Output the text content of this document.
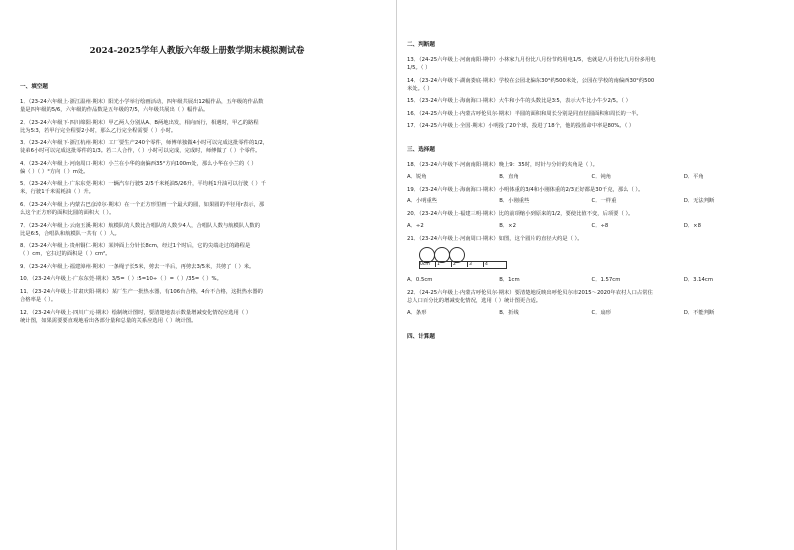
2024-2025学年人教版六年级上册数学期末模拟测试卷
一、填空题
1．（23-24六年级上·浙江温州·期末）阳光小学举行绘画活动，四年级共展出12幅作品，五年级的作品数
量是四年级的5/6，六年级的作品数是五年级的7/5，六年级共展出（ ）幅作品。
2．（23-24六年级下·四川绵阳·期末）甲乙两人分别从A、B两地出发，相向而行，相遇时，甲乙的路程
比为5∶3，若甲行完全程要2小时，那么乙行完全程需要（ ）小时。
3．（23-24六年级下·浙江杭州·期末）工厂要生产240个零件，师傅单独做4小时可以完成这批零件的1/2，
徒弟6小时可以完成这批零件的1/3。若二人合作，（ ）小时可以完成，完成时，师傅做了（ ）个零件。
4．（23-24六年级上·河南周口·期末）小兰在小华的南偏西35°方向100m处，那么小华在小兰的（ ）
偏（ ）（ ）°方向（ ）m处。
5．（23-24六年级上·广东东莞·期末）一辆汽车行驶5 2/5千米耗油5/26升，平均耗1升油可以行驶（ ）千
米，行驶1千米需耗油（ ）升。
6．（23-24六年级上·内蒙古巴彦淖尔·期末）在一个正方形里画一个最大的圆，如果圆的半径用r表示，那
么这个正方形的面积比圆的面积大（ ）。
7．（23-24六年级上·云南玉溪·期末）航模队的人数比合唱队的人数少4人，合唱队人数与航模队人数的
比是6∶5，合唱队和航模队一共有（ ）人。
8．（23-24六年级上·贵州铜仁·期末）某钟面上分针长8cm，经过1个时后，它的尖端走过的路程是
（ ）cm，它扫过的面积是（ ）cm²。
9．（23-24六年级上·福建漳州·期末）一条绳子长5米，剪去一半后，再剪去3/5米，共剪了（ ）米。
10．（23-24六年级上·广东东莞·期末）3/5=（ ）∶5=10÷（ ）=（ ）/35=（ ）%。
11．（23-24六年级上·甘肃庆阳·期末）某厂生产一批热水器，有106台合格，4台不合格，这批热水器的
合格率是（ ）。
12．（23-24六年级上·四川广元·期末）绘制统计图时，要清楚地表示数量增减变化情况应选用（ ）
统计图，如果需要要直观地看出各部分量和总量的关系应选用（ ）统计图。
二、判断题
13．（24-25六年级上·河南南阳·期中）小林家九月份比八月份节约用电1/5，也就是八月份比九月份多用电
1/5。（ ）
14．（23-24六年级下·湖南娄底·期末）学校在公园北偏东30°约500米处，公园在学校的南偏西30°约500
米处。（ ）
15．（23-24六年级上·海南海口·期末）大牛和小牛的头数比是3∶5，表示大牛比小牛少2/5。（ ）
16．（24-25六年级上·内蒙古呼伦贝尔·期末）半圆的面积和周长分别是同直径圆面积和周长的一半。
17．（24-25六年级上·全国·期末）小明投了20个球，投进了18个，他的投篮命中率是80%。（ ）
三、选择题
18．（23-24六年级下·河南南阳·期末）晚上9：35时，时针与分针的夹角是（ ）。
A．锐角	B．直角	C．钝角	D．平角
19．（23-24六年级上·海南海口·期末）小明体重的3/4和小刚体重的2/3正好都是30千克，那么（ ）。
A．小明重些	B．小刚重些	C．一样重	D．无法判断
20．（23-24六年级上·福建三明·期末）比的前项缩小到原来的1/2，要使比值不变，后项要（ ）。
A．÷2	B．×2	C．÷8	D．×8
21．（23-24六年级上·河南周口·期末）如图，这个圆片的直径大约是（ ）。
0cm 1	2	3	4
A．0.5cm	B．1cm	C．1.57cm	D．3.14cm
22．（24-25六年级上·内蒙古呼伦贝尔·期末）要清楚地反映出呼伦贝尔市2015～2020年农村人口占常住
总人口百分比的增减变化情况，选用（ ）统计图更合适。
A．条形	B．折线	C．扇形	D．不能判断
四、计算题
